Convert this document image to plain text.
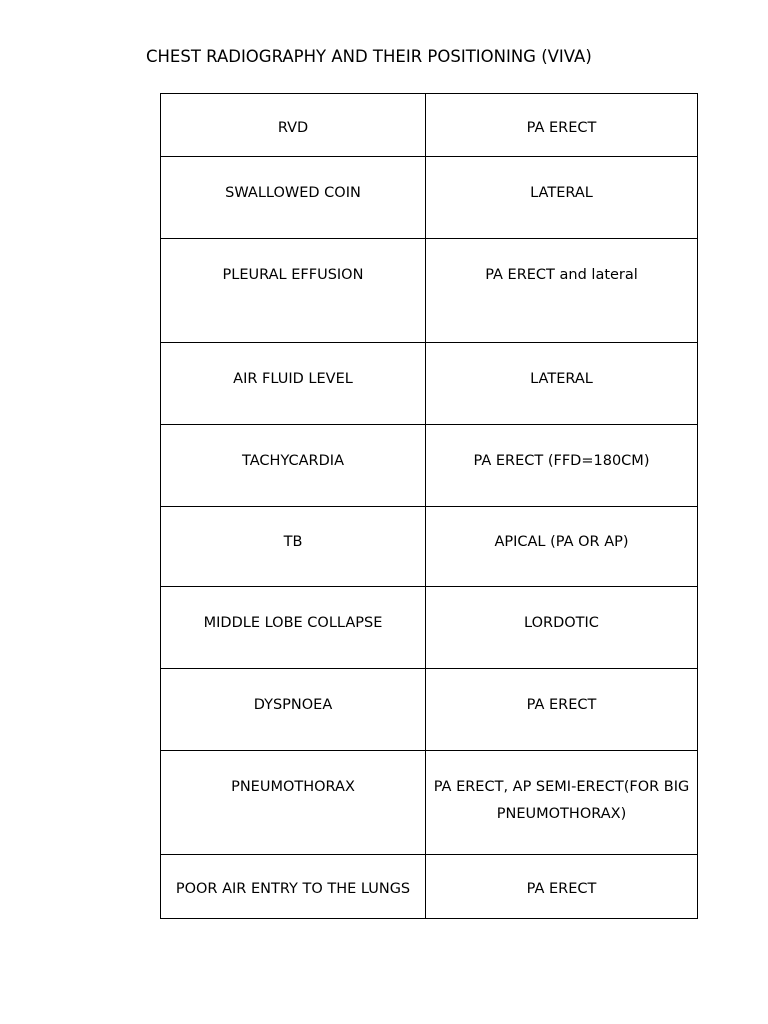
CHEST RADIOGRAPHY AND THEIR POSITIONING (VIVA)
RVD	PA ERECT
SWALLOWED COIN	LATERAL
PLEURAL EFFUSION	PA ERECT and lateral
AIR FLUID LEVEL	LATERAL
TACHYCARDIA	PA ERECT (FFD=180CM)
TB	APICAL (PA OR AP)
MIDDLE LOBE COLLAPSE	LORDOTIC
DYSPNOEA	PA ERECT
PNEUMOTHORAX	PA ERECT, AP SEMI-ERECT(FOR BIG PNEUMOTHORAX)
POOR AIR ENTRY TO THE LUNGS	PA ERECT
